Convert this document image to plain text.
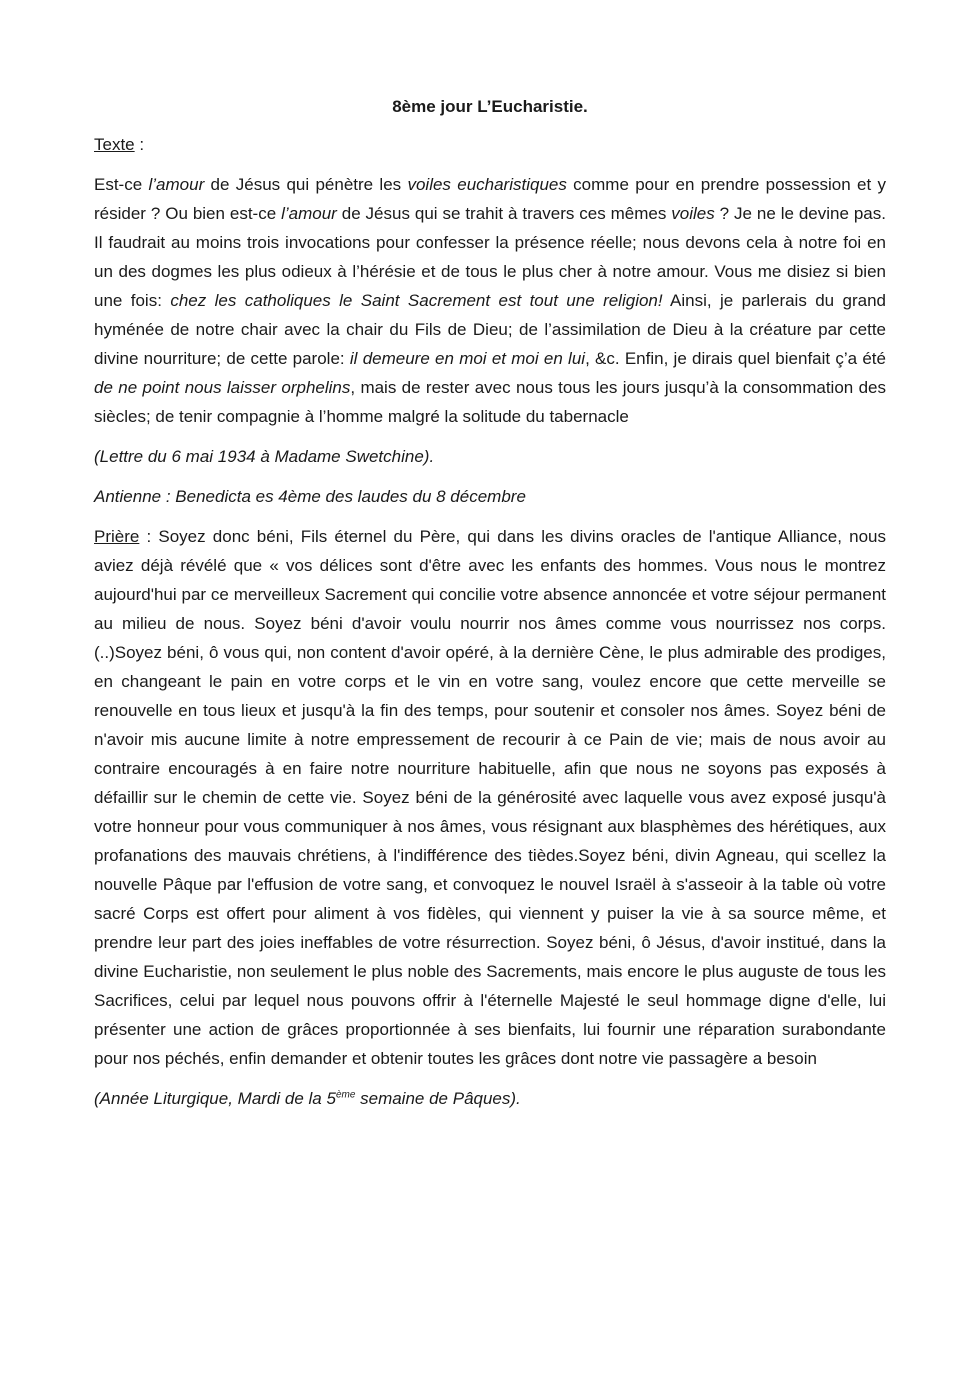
8ème jour L’Eucharistie.
Texte :
Est-ce l’amour de Jésus qui pénètre les voiles eucharistiques comme pour en prendre possession et y résider ? Ou bien est-ce l’amour de Jésus qui se trahit à travers ces mêmes voiles ? Je ne le devine pas. Il faudrait au moins trois invocations pour confesser la présence réelle; nous devons cela à notre foi en un des dogmes les plus odieux à l’hérésie et de tous le plus cher à notre amour. Vous me disiez si bien une fois: chez les catholiques le Saint Sacrement est tout une religion! Ainsi, je parlerais du grand hyménée de notre chair avec la chair du Fils de Dieu; de l’assimilation de Dieu à la créature par cette divine nourriture; de cette parole: il demeure en moi et moi en lui, &c. Enfin, je dirais quel bienfait ç’a été de ne point nous laisser orphelins, mais de rester avec nous tous les jours jusqu’à la consommation des siècles; de tenir compagnie à l’homme malgré la solitude du tabernacle
(Lettre du 6 mai 1934 à Madame Swetchine).
Antienne : Benedicta es 4ème des laudes du 8 décembre
Prière : Soyez donc béni, Fils éternel du Père, qui dans les divins oracles de l'antique Alliance, nous aviez déjà révélé que « vos délices sont d'être avec les enfants des hommes. Vous nous le montrez aujourd'hui par ce merveilleux Sacrement qui concilie votre absence annoncée et votre séjour permanent au milieu de nous. Soyez béni d'avoir voulu nourrir nos âmes comme vous nourrissez nos corps. (..)Soyez béni, ô vous qui, non content d'avoir opéré, à la dernière Cène, le plus admirable des prodiges, en changeant le pain en votre corps et le vin en votre sang, voulez encore que cette merveille se renouvelle en tous lieux et jusqu'à la fin des temps, pour soutenir et consoler nos âmes. Soyez béni de n'avoir mis aucune limite à notre empressement de recourir à ce Pain de vie; mais de nous avoir au contraire encouragés à en faire notre nourriture habituelle, afin que nous ne soyons pas exposés à défaillir sur le chemin de cette vie. Soyez béni de la générosité avec laquelle vous avez exposé jusqu'à votre honneur pour vous communiquer à nos âmes, vous résignant aux blasphèmes des hérétiques, aux profanations des mauvais chrétiens, à l'indifférence des tièdes.Soyez béni, divin Agneau, qui scellez la nouvelle Pâque par l'effusion de votre sang, et convoquez le nouvel Israël à s'asseoir à la table où votre sacré Corps est offert pour aliment à vos fidèles, qui viennent y puiser la vie à sa source même, et prendre leur part des joies ineffables de votre résurrection. Soyez béni, ô Jésus, d'avoir institué, dans la divine Eucharistie, non seulement le plus noble des Sacrements, mais encore le plus auguste de tous les Sacrifices, celui par lequel nous pouvons offrir à l'éternelle Majesté le seul hommage digne d'elle, lui présenter une action de grâces proportionnée à ses bienfaits, lui fournir une réparation surabondante pour nos péchés, enfin demander et obtenir toutes les grâces dont notre vie passagère a besoin
(Année Liturgique, Mardi de la 5ème semaine de Pâques).
